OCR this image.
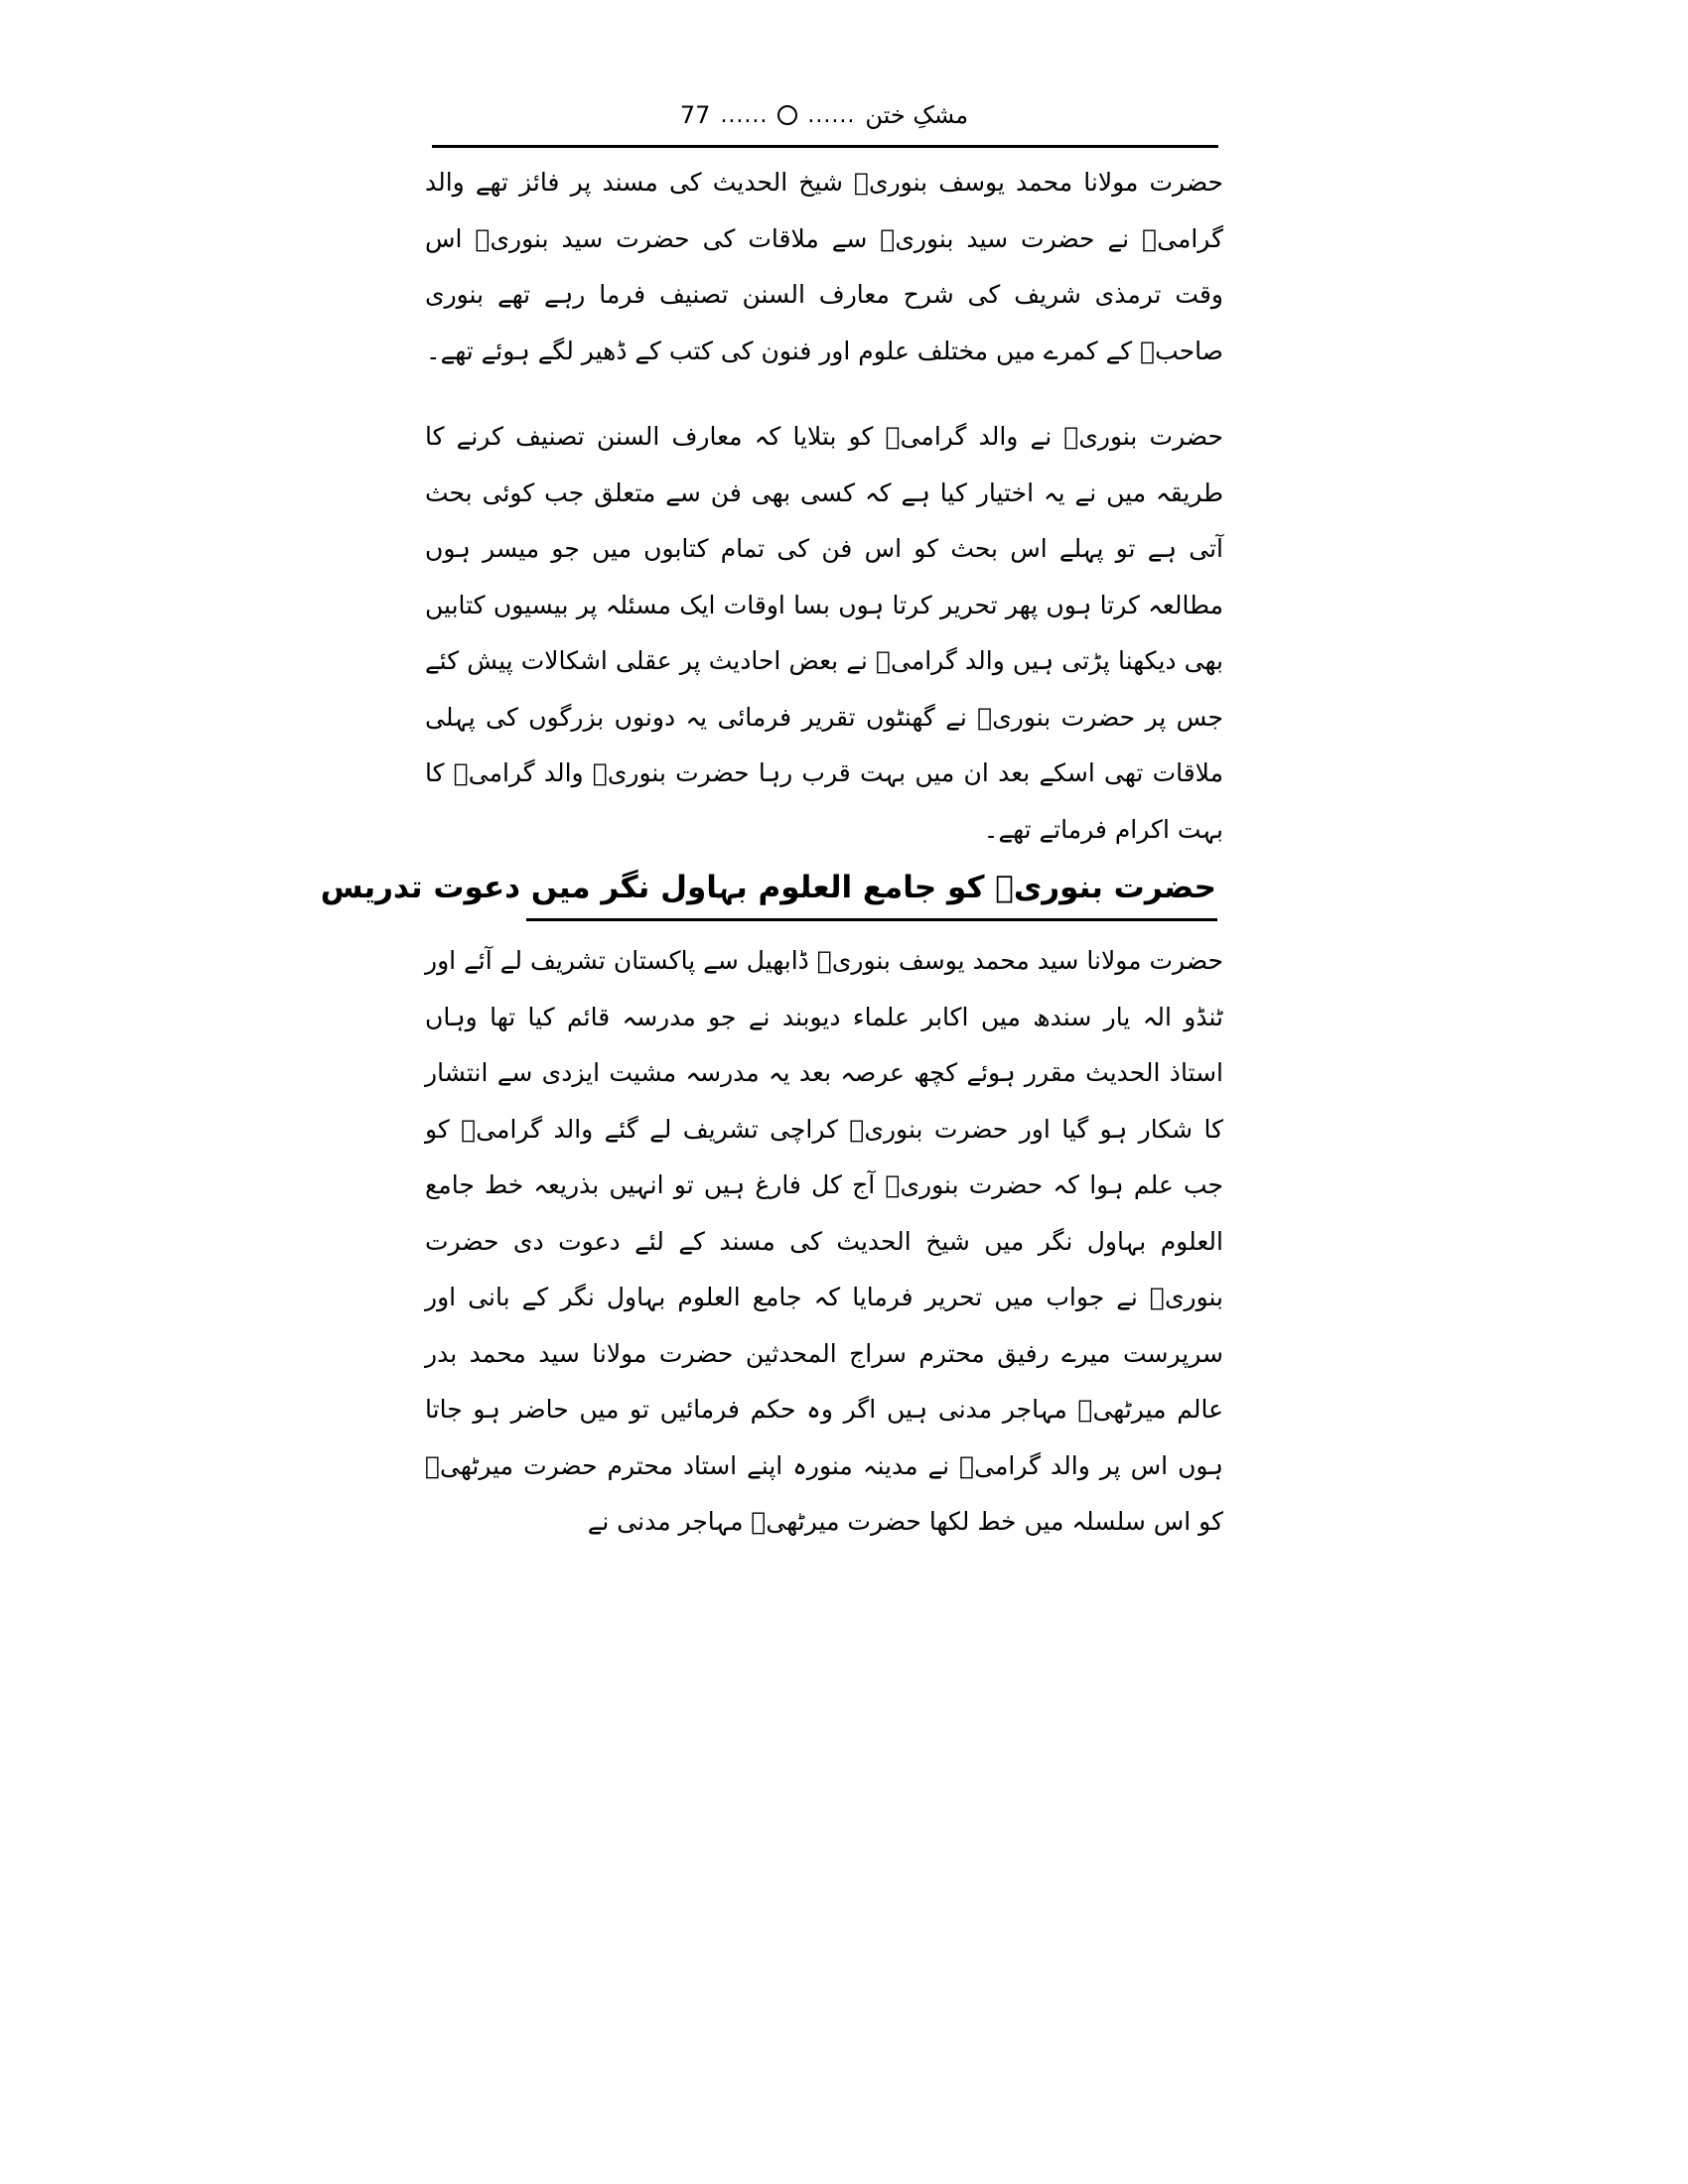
77 ...... ...... مشکِ ختن

حضرت مولانا محمد یوسف بنوریؒ شیخ الحدیث کی مسند پر فائز تھے والد گرامیؒ نے حضرت سید بنوریؒ سے ملاقات کی حضرت سید بنوریؒ اس وقت ترمذی شریف کی شرح معارف السنن تصنیف فرما رہے تھے بنوری صاحبؒ کے کمرے میں مختلف علوم اور فنون کی کتب کے ڈھیر لگے ہوئے تھے۔

حضرت بنوریؒ نے والد گرامیؒ کو بتلایا کہ معارف السنن تصنیف کرنے کا طریقہ میں نے یہ اختیار کیا ہے کہ کسی بھی فن سے متعلق جب کوئی بحث آتی ہے تو پہلے اس بحث کو اس فن کی تمام کتابوں میں جو میسر ہوں مطالعہ کرتا ہوں پھر تحریر کرتا ہوں بسا اوقات ایک مسئلہ پر بیسیوں کتابیں بھی دیکھنا پڑتی ہیں والد گرامیؒ نے بعض احادیث پر عقلی اشکالات پیش کئے جس پر حضرت بنوریؒ نے گھنٹوں تقریر فرمائی یہ دونوں بزرگوں کی پہلی ملاقات تھی اسکے بعد ان میں بہت قرب رہا حضرت بنوریؒ والد گرامیؒ کا بہت اکرام فرماتے تھے۔

حضرت بنوریؒ کو جامع العلوم بہاول نگر میں دعوت تدریس

حضرت مولانا سید محمد یوسف بنوریؒ ڈابھیل سے پاکستان تشریف لے آئے اور ٹنڈو الہ یار سندھ میں اکابر علماء دیوبند نے جو مدرسہ قائم کیا تھا وہاں استاذ الحدیث مقرر ہوئے کچھ عرصہ بعد یہ مدرسہ مشیت ایزدی سے انتشار کا شکار ہو گیا اور حضرت بنوریؒ کراچی تشریف لے گئے والد گرامیؒ کو جب علم ہوا کہ حضرت بنوریؒ آج کل فارغ ہیں تو انہیں بذریعہ خط جامع العلوم بہاول نگر میں شیخ الحدیث کی مسند کے لئے دعوت دی حضرت بنوریؒ نے جواب میں تحریر فرمایا کہ جامع العلوم بہاول نگر کے بانی اور سرپرست میرے رفیق محترم سراج المحدثین حضرت مولانا سید محمد بدر عالم میرٹھیؒ مہاجر مدنی ہیں اگر وہ حکم فرمائیں تو میں حاضر ہو جاتا ہوں اس پر والد گرامیؒ نے مدینہ منورہ اپنے استاد محترم حضرت میرٹھیؒ کو اس سلسلہ میں خط لکھا حضرت میرٹھیؒ مہاجر مدنی نے
